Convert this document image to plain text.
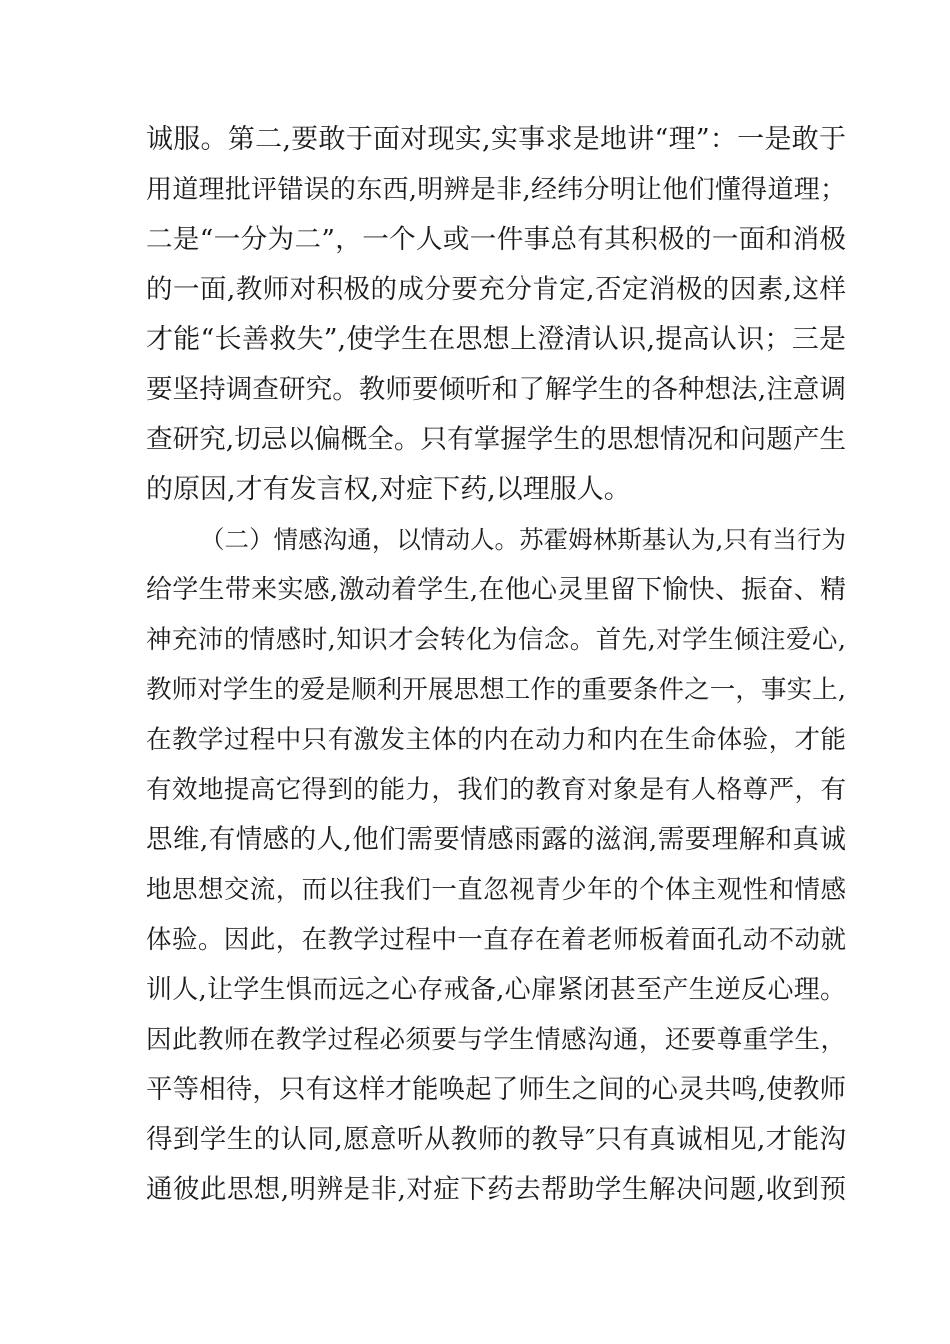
诚服。第二,要敢于面对现实,实事求是地讲“理”：一是敢于
用道理批评错误的东西,明辨是非,经纬分明让他们懂得道理；
二是“一分为二”，一个人或一件事总有其积极的一面和消极
的一面,教师对积极的成分要充分肯定,否定消极的因素,这样
才能“长善救失”,使学生在思想上澄清认识,提高认识；三是
要坚持调查研究。教师要倾听和了解学生的各种想法,注意调
查研究,切忌以偏概全。只有掌握学生的思想情况和问题产生
的原因,才有发言权,对症下药,以理服人。
（二）情感沟通，以情动人。苏霍姆林斯基认为,只有当行为
给学生带来实感,激动着学生,在他心灵里留下愉快、振奋、精
神充沛的情感时,知识才会转化为信念。首先,对学生倾注爱心,
教师对学生的爱是顺利开展思想工作的重要条件之一，事实上,
在教学过程中只有激发主体的内在动力和内在生命体验，才能
有效地提高它得到的能力，我们的教育对象是有人格尊严，有
思维,有情感的人,他们需要情感雨露的滋润,需要理解和真诚
地思想交流，而以往我们一直忽视青少年的个体主观性和情感
体验。因此，在教学过程中一直存在着老师板着面孔动不动就
训人,让学生惧而远之心存戒备,心扉紧闭甚至产生逆反心理。
因此教师在教学过程必须要与学生情感沟通，还要尊重学生，
平等相待，只有这样才能唤起了师生之间的心灵共鸣,使教师
得到学生的认同,愿意听从教师的教导″只有真诚相见,才能沟
通彼此思想,明辨是非,对症下药去帮助学生解决问题,收到预
